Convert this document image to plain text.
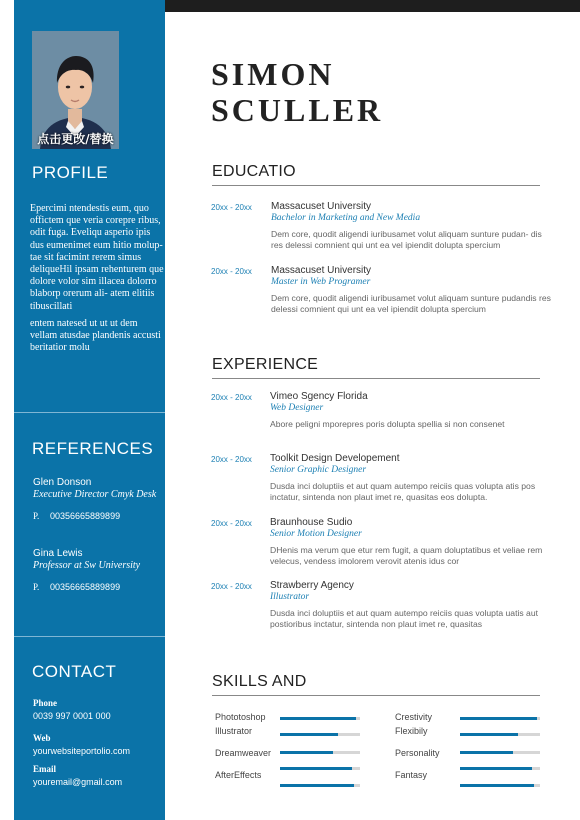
点击更改/替换
PROFILE

Epercimi ntendestis eum, quo offictem que veria corepre ribus, odit fuga. Eveliqu asperio ipis dus eumenimet eum hitio molup- tae sit facimint rerem simus deliqueHil ipsam rehenturem que dolore volor sim illacea dolorro blaborp orerum ali- atem elitiis tibuscillati

entem natesed ut ut ut dem vellam atusdae plandenis accusti beritatior molu

REFERENCES
Glen Donson
Executive Director Cmyk Desk
P. 00356665889899
Gina Lewis
Professor at Sw University
P. 00356665889899
CONTACT
Phone
0039 997 0001 000
Web
yourwebsiteportolio.com
Email
youremail@gmail.com
SIMON
SCULLER
EDUCATIO
20xx - 20xx Massacuset University
Bachelor in Marketing and New Media
Dem core, quodit aligendi iuribusamet volut aliquam sunture pudan- dis res delessi comnient qui unt ea vel ipiendit dolupta spercium
20xx - 20xx Massacuset University
Master in Web Programer
Dem core, quodit aligendi iuribusamet volut aliquam sunture pudandis res delessi comnient qui unt ea vel ipiendit dolupta spercium
EXPERIENCE
20xx - 20xx Vimeo Sgency Florida
Web Designer
Abore peligni mporepres poris dolupta spellia si non consenet
20xx - 20xx Toolkit Design Developement
Senior Graphic Designer
Dusda inci doluptiis et aut quam autempo reiciis quas volupta atis pos inctatur, sintenda non plaut imet re, quasitas eos dolupta.
20xx - 20xx Braunhouse Sudio
Senior Motion Designer
DHenis ma verum que etur rem fugit, a quam doluptatibus et veliae rem velecus, vendess imolorem verovit atenis idus cor
20xx - 20xx Strawberry Agency
Illustrator
Dusda inci doluptiis et aut quam autempo reiciis quas volupta uatis aut postioribus inctatur, sintenda non plaut imet re, quasitas
SKILLS AND
Phototoshop
Illustrator
Dreamweaver
AfterEffects
Crestivity
Flexibily
Personality
Fantasy
